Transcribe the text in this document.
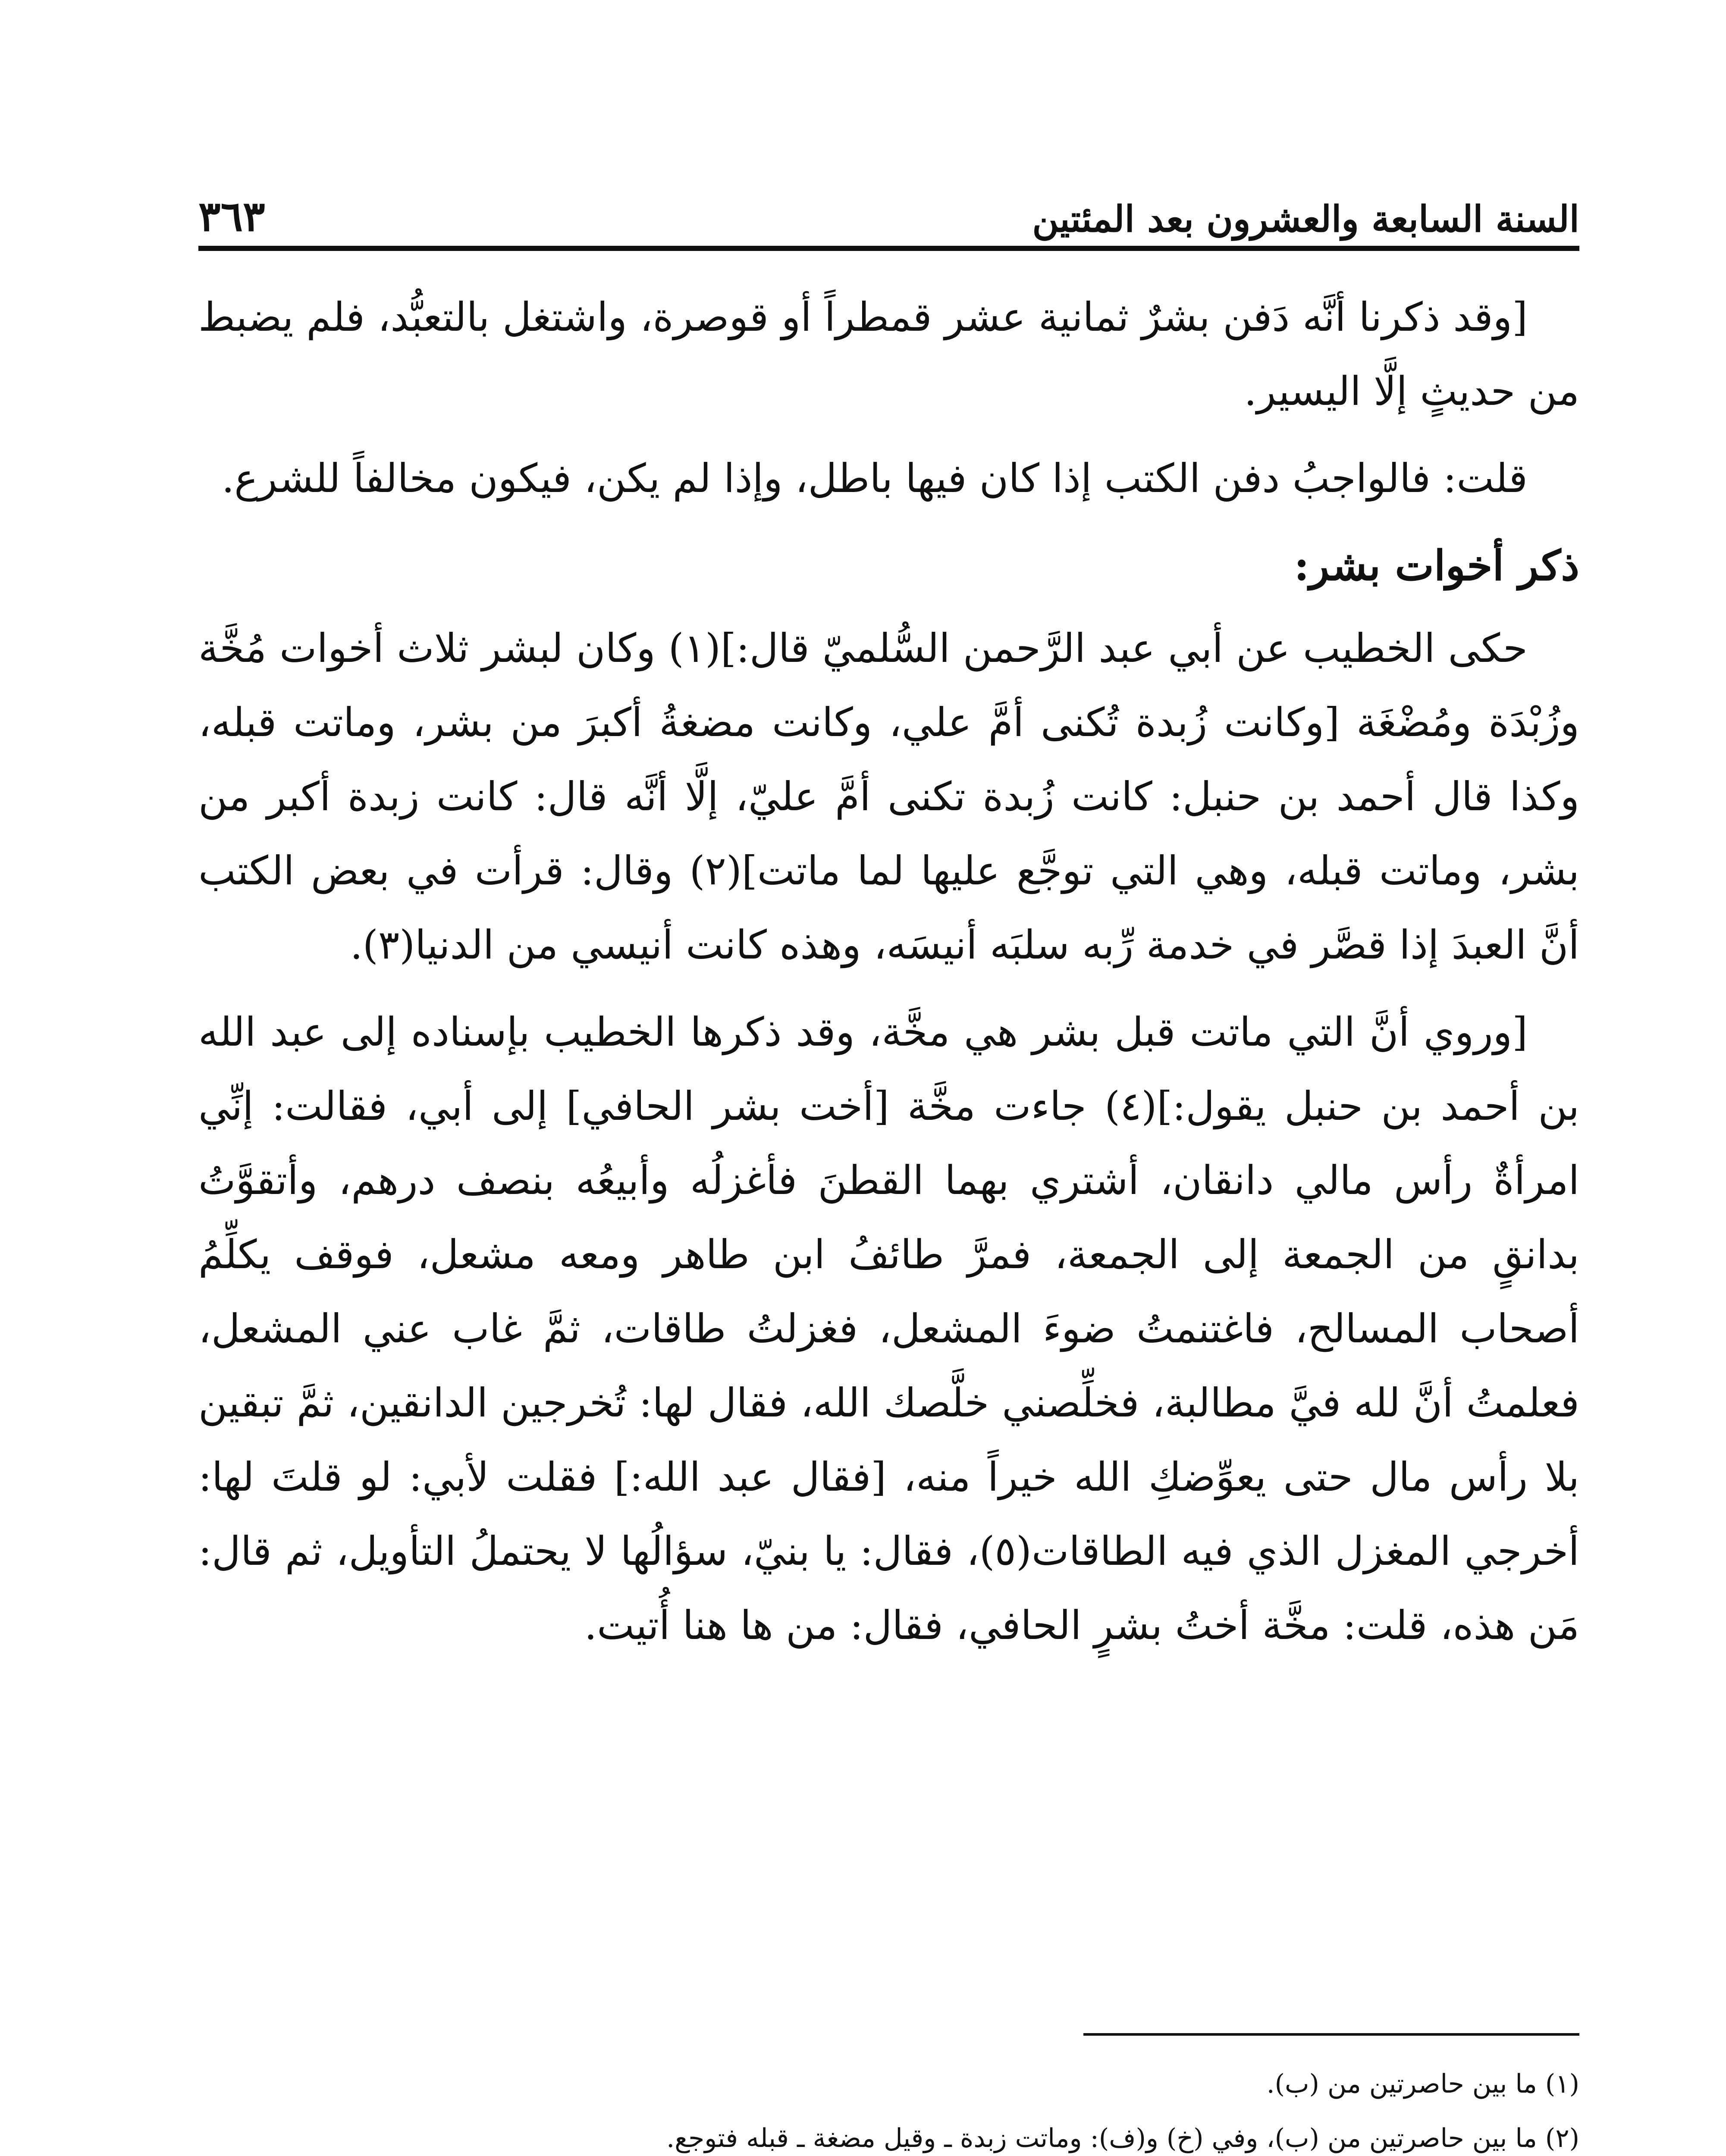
السنة السابعة والعشرون بعد المئتين
٣٦٣

[وقد ذكرنا أنَّه دَفن بشرٌ ثمانية عشر قمطراً أو قوصرة، واشتغل بالتعبُّد، فلم يضبط من حديثٍ إلَّا اليسير.

قلت: فالواجبُ دفن الكتب إذا كان فيها باطل، وإذا لم يكن، فيكون مخالفاً للشرع.

ذكر أخوات بشر:

حكى الخطيب عن أبي عبد الرَّحمن السُّلميّ قال:](١) وكان لبشر ثلاث أخوات مُخَّة وزُبْدَة ومُضْغَة [وكانت زُبدة تُكنى أمَّ علي، وكانت مضغةُ أكبرَ من بشر، وماتت قبله، وكذا قال أحمد بن حنبل: كانت زُبدة تكنى أمَّ عليّ، إلَّا أنَّه قال: كانت زبدة أكبر من بشر، وماتت قبله، وهي التي توجَّع عليها لما ماتت](٢) وقال: قرأت في بعض الكتب أنَّ العبدَ إذا قصَّر في خدمة رِّبه سلبَه أنيسَه، وهذه كانت أنيسي من الدنيا(٣).

[وروي أنَّ التي ماتت قبل بشر هي مخَّة، وقد ذكرها الخطيب بإسناده إلى عبد الله بن أحمد بن حنبل يقول:](٤) جاءت مخَّة [أخت بشر الحافي] إلى أبي، فقالت: إنِّي امرأةٌ رأس مالي دانقان، أشتري بهما القطنَ فأغزلُه وأبيعُه بنصف درهم، وأتقوَّتُ بدانقٍ من الجمعة إلى الجمعة، فمرَّ طائفُ ابن طاهر ومعه مشعل، فوقف يكلِّمُ أصحاب المسالح، فاغتنمتُ ضوءَ المشعل، فغزلتُ طاقات، ثمَّ غاب عني المشعل، فعلمتُ أنَّ لله فيَّ مطالبة، فخلِّصني خلَّصك الله، فقال لها: تُخرجين الدانقين، ثمَّ تبقين بلا رأس مال حتى يعوِّضكِ الله خيراً منه، [فقال عبد الله:] فقلت لأبي: لو قلتَ لها: أخرجي المغزل الذي فيه الطاقات(٥)، فقال: يا بنيّ، سؤالُها لا يحتملُ التأويل، ثم قال: مَن هذه، قلت: مخَّة أختُ بشرٍ الحافي، فقال: من ها هنا أُتيت.

(١) ما بين حاصرتين من (ب).

(٢) ما بين حاصرتين من (ب)، وفي (خ) و(ف): وماتت زبدة ـ وقيل مضغة ـ قبله فتوجع.
